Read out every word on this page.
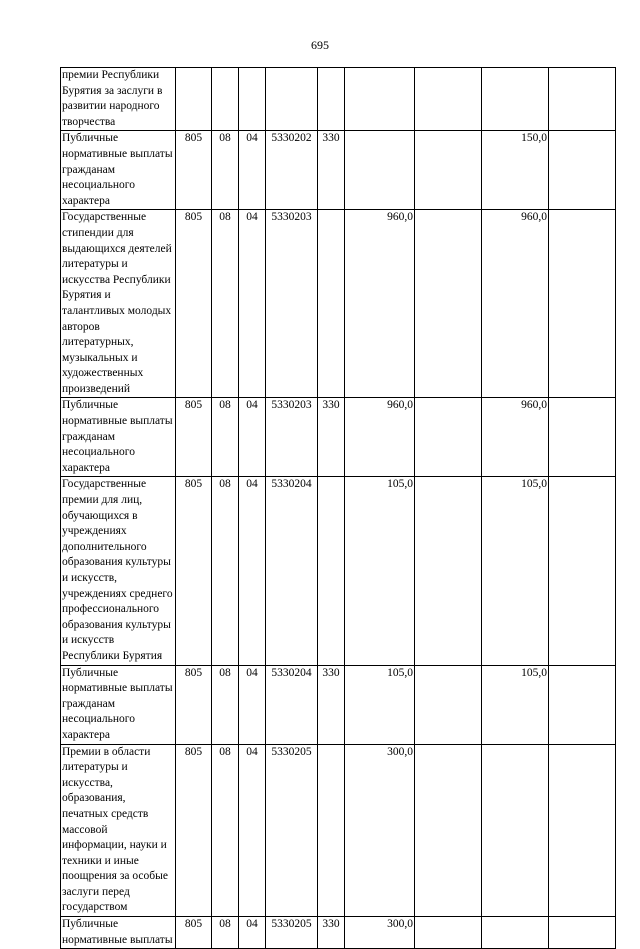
695
премии Республики Бурятия за заслуги в развитии народного творчества									
Публичные нормативные выплаты гражданам несоциального характера	805	08	04	5330202	330			150,0	
Государственные стипендии для выдающихся деятелей литературы и искусства Республики Бурятия и талантливых молодых авторов литературных, музыкальных и художественных произведений	805	08	04	5330203		960,0		960,0	
Публичные нормативные выплаты гражданам несоциального характера	805	08	04	5330203	330	960,0		960,0	
Государственные премии для лиц, обучающихся в учреждениях дополнительного образования культуры и искусств, учреждениях среднего профессионального образования культуры и искусств Республики Бурятия	805	08	04	5330204		105,0		105,0	
Публичные нормативные выплаты гражданам несоциального характера	805	08	04	5330204	330	105,0		105,0	
Премии в области литературы и искусства, образования, печатных средств массовой информации, науки и техники и иные поощрения за особые заслуги перед государством	805	08	04	5330205		300,0			
Публичные нормативные выплаты	805	08	04	5330205	330	300,0			
